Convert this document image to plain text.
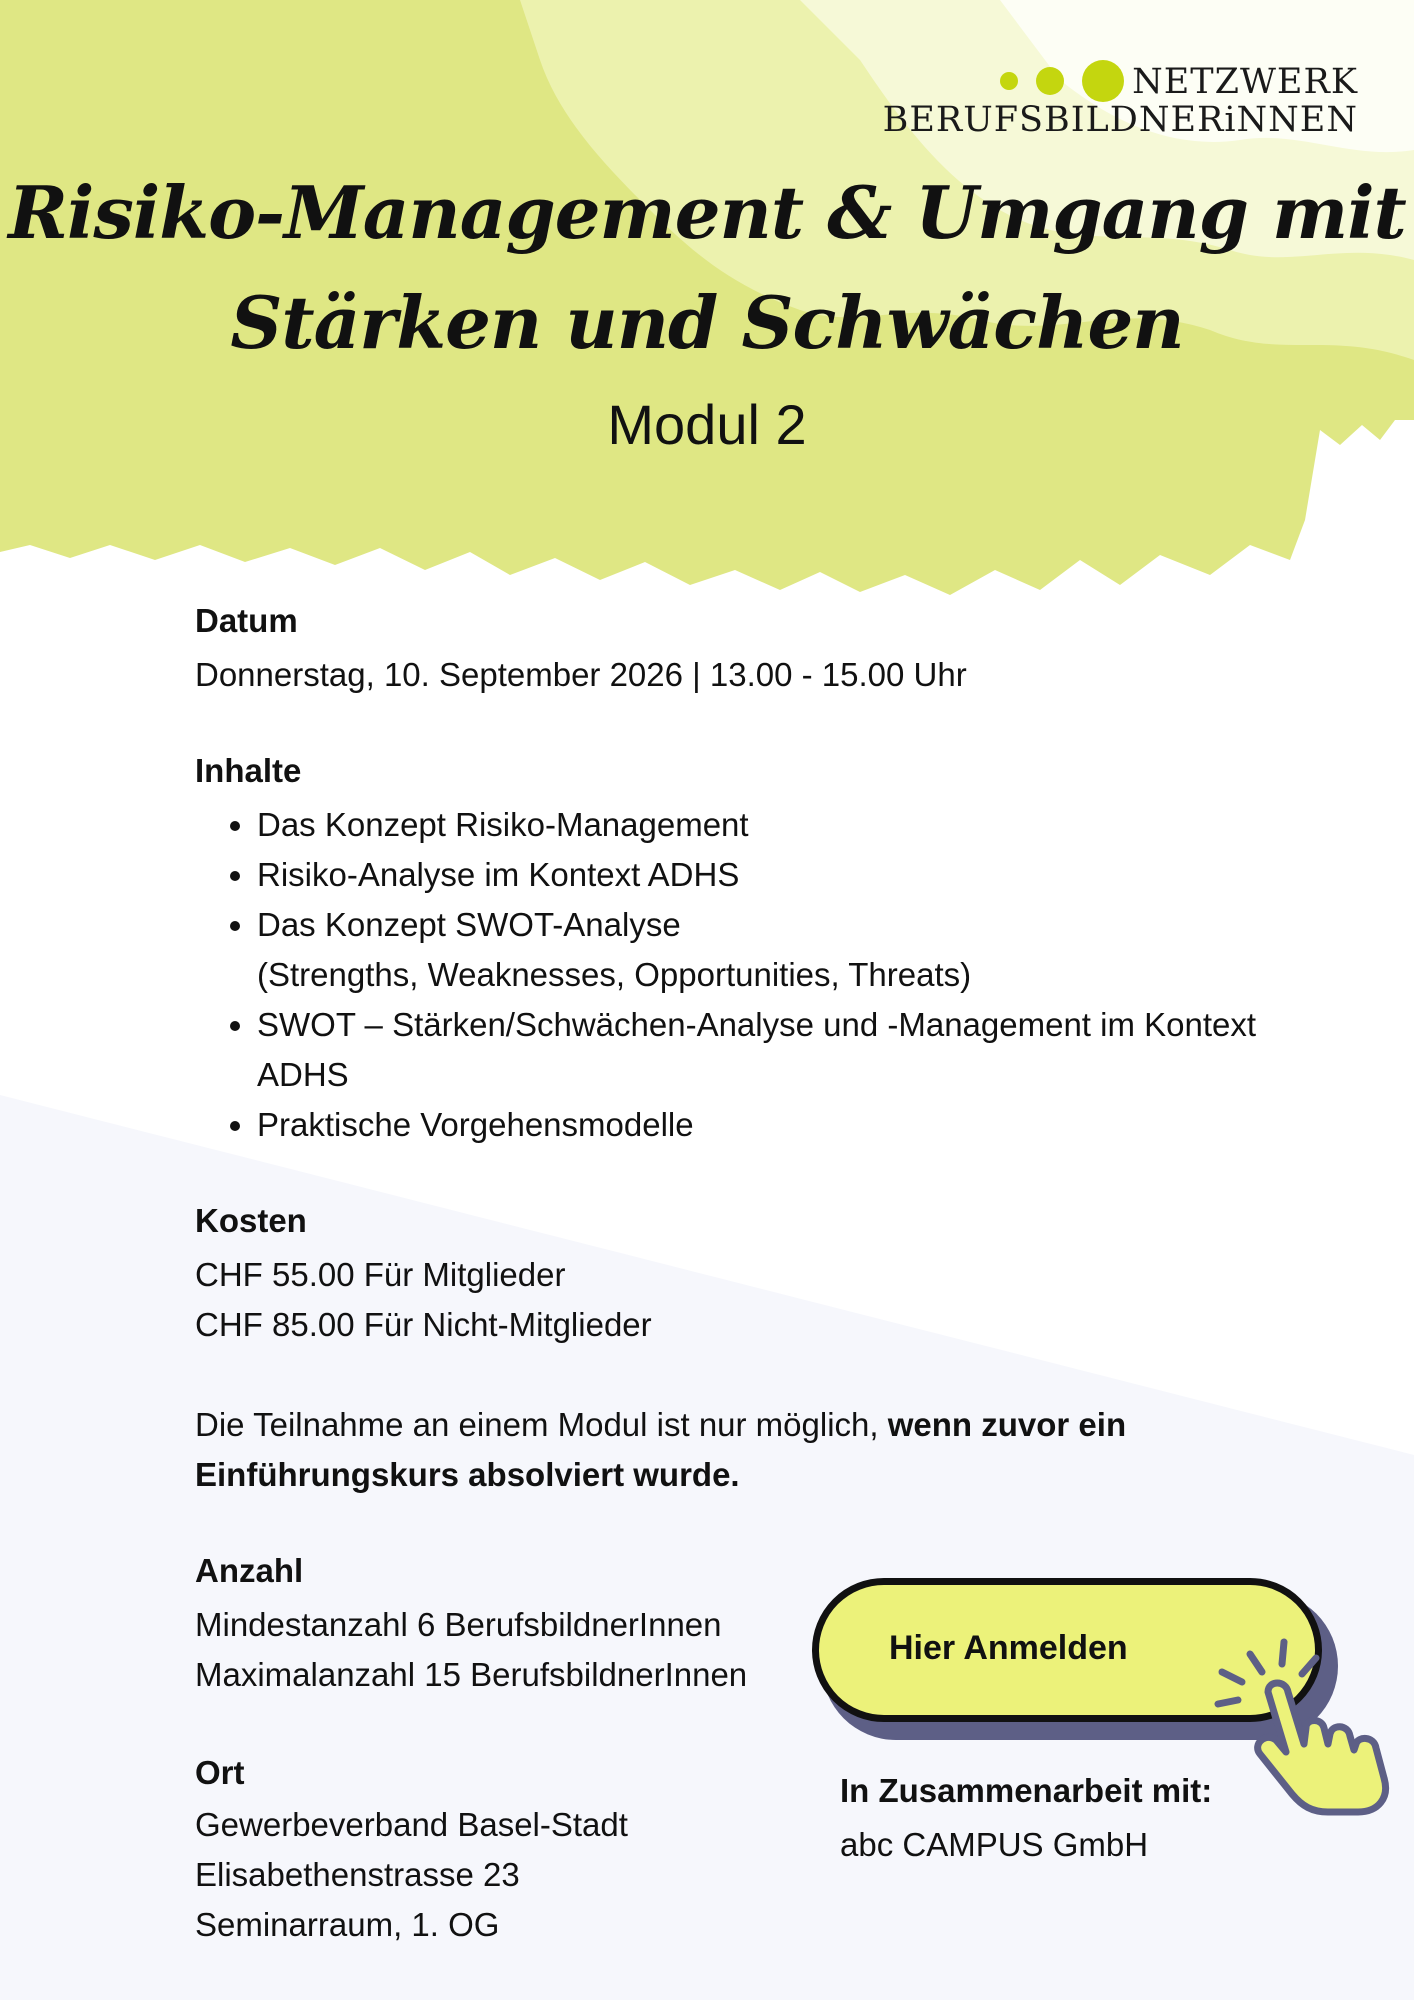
NETZWERK
BERUFSBILDNERiNNEN
Risiko-Management & Umgang mit
Stärken und Schwächen
Modul 2
Datum
Donnerstag, 10. September 2026 | 13.00 - 15.00 Uhr
Inhalte
• Das Konzept Risiko-Management
• Risiko-Analyse im Kontext ADHS
• Das Konzept SWOT-Analyse
(Strengths, Weaknesses, Opportunities, Threats)
• SWOT – Stärken/Schwächen-Analyse und -Management im Kontext ADHS
• Praktische Vorgehensmodelle
Kosten
CHF 55.00 Für Mitglieder
CHF 85.00 Für Nicht-Mitglieder
Die Teilnahme an einem Modul ist nur möglich, wenn zuvor ein Einführungskurs absolviert wurde.
Anzahl
Mindestanzahl 6 BerufsbildnerInnen
Maximalanzahl 15 BerufsbildnerInnen
Ort
Gewerbeverband Basel-Stadt
Elisabethenstrasse 23
Seminarraum, 1. OG
Hier Anmelden
In Zusammenarbeit mit:
abc CAMPUS GmbH
